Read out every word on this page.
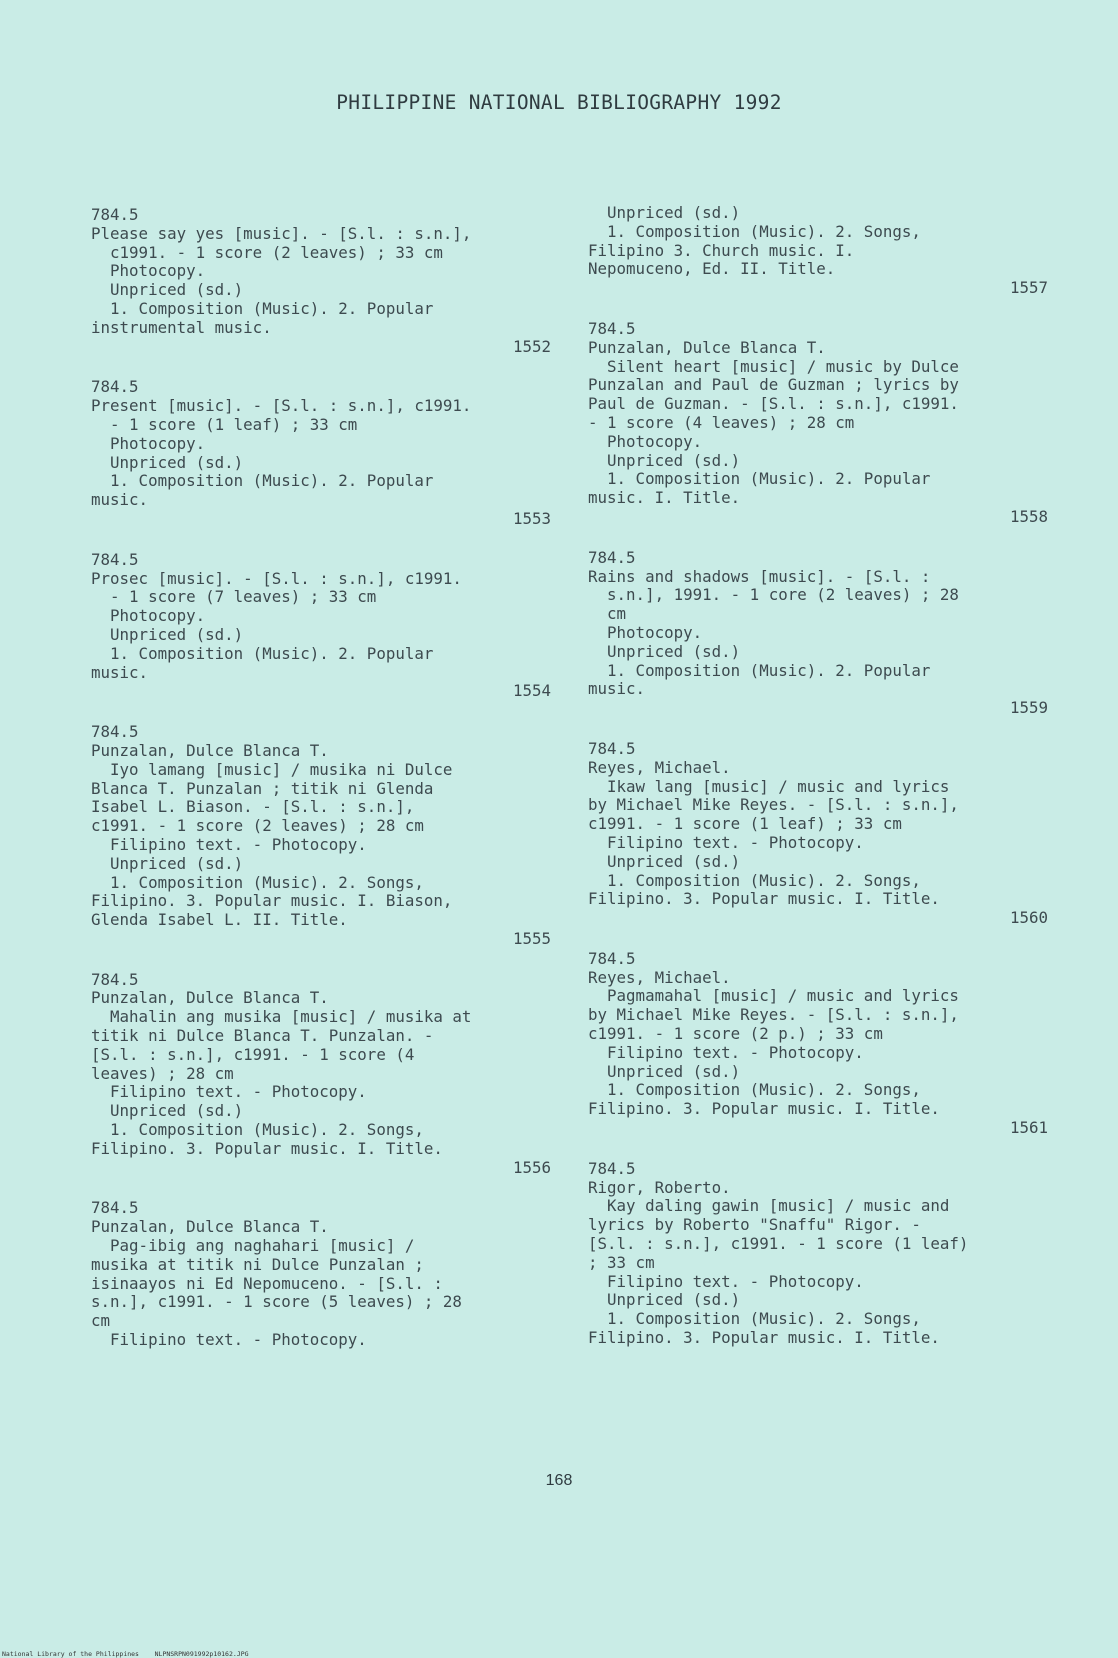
PHILIPPINE NATIONAL BIBLIOGRAPHY 1992
784.5
Please say yes [music]. - [S.l. : s.n.],
c1991. - 1 score (2 leaves) ; 33 cm
Photocopy.
Unpriced (sd.)
1. Composition (Music). 2. Popular
instrumental music.
1552
784.5
Present [music]. - [S.l. : s.n.], c1991.
- 1 score (1 leaf) ; 33 cm
Photocopy.
Unpriced (sd.)
1. Composition (Music). 2. Popular
music.
1553
784.5
Prosec [music]. - [S.l. : s.n.], c1991.
- 1 score (7 leaves) ; 33 cm
Photocopy.
Unpriced (sd.)
1. Composition (Music). 2. Popular
music.
1554
784.5
Punzalan, Dulce Blanca T.
Iyo lamang [music] / musika ni Dulce
Blanca T. Punzalan ; titik ni Glenda
Isabel L. Biason. - [S.l. : s.n.],
c1991. - 1 score (2 leaves) ; 28 cm
Filipino text. - Photocopy.
Unpriced (sd.)
1. Composition (Music). 2. Songs,
Filipino. 3. Popular music. I. Biason,
Glenda Isabel L. II. Title.
1555
784.5
Punzalan, Dulce Blanca T.
Mahalin ang musika [music] / musika at
titik ni Dulce Blanca T. Punzalan. -
[S.l. : s.n.], c1991. - 1 score (4
leaves) ; 28 cm
Filipino text. - Photocopy.
Unpriced (sd.)
1. Composition (Music). 2. Songs,
Filipino. 3. Popular music. I. Title.
1556
784.5
Punzalan, Dulce Blanca T.
Pag-ibig ang naghahari [music] /
musika at titik ni Dulce Punzalan ;
isinaayos ni Ed Nepomuceno. - [S.l. :
s.n.], c1991. - 1 score (5 leaves) ; 28
cm
Filipino text. - Photocopy.
Unpriced (sd.)
1. Composition (Music). 2. Songs,
Filipino 3. Church music. I.
Nepomuceno, Ed. II. Title.
1557
784.5
Punzalan, Dulce Blanca T.
Silent heart [music] / music by Dulce
Punzalan and Paul de Guzman ; lyrics by
Paul de Guzman. - [S.l. : s.n.], c1991.
- 1 score (4 leaves) ; 28 cm
Photocopy.
Unpriced (sd.)
1. Composition (Music). 2. Popular
music. I. Title.
1558
784.5
Rains and shadows [music]. - [S.l. :
s.n.], 1991. - 1 core (2 leaves) ; 28
cm
Photocopy.
Unpriced (sd.)
1. Composition (Music). 2. Popular
music.
1559
784.5
Reyes, Michael.
Ikaw lang [music] / music and lyrics
by Michael Mike Reyes. - [S.l. : s.n.],
c1991. - 1 score (1 leaf) ; 33 cm
Filipino text. - Photocopy.
Unpriced (sd.)
1. Composition (Music). 2. Songs,
Filipino. 3. Popular music. I. Title.
1560
784.5
Reyes, Michael.
Pagmamahal [music] / music and lyrics
by Michael Mike Reyes. - [S.l. : s.n.],
c1991. - 1 score (2 p.) ; 33 cm
Filipino text. - Photocopy.
Unpriced (sd.)
1. Composition (Music). 2. Songs,
Filipino. 3. Popular music. I. Title.
1561
784.5
Rigor, Roberto.
Kay daling gawin [music] / music and
lyrics by Roberto "Snaffu" Rigor. -
[S.l. : s.n.], c1991. - 1 score (1 leaf)
; 33 cm
Filipino text. - Photocopy.
Unpriced (sd.)
1. Composition (Music). 2. Songs,
Filipino. 3. Popular music. I. Title.
168
National Library of the Philippines    NLPNSRPN091992p10162.JPG
